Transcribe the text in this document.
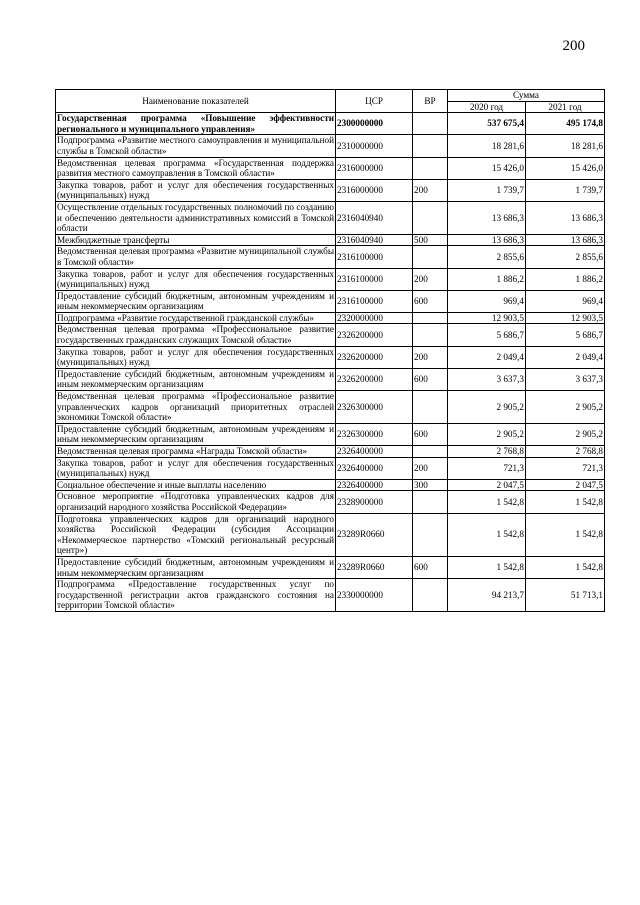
200
Наименование показателей	ЦСР	ВР	Сумма	
			2020 год	2021 год
Государственная программа «Повышение эффективности регионального и муниципального управления»	2300000000		537 675,4	495 174,8
Подпрограмма «Развитие местного самоуправления и муниципальной службы в Томской области»	2310000000		18 281,6	18 281,6
Ведомственная целевая программа «Государственная поддержка развития местного самоуправления в Томской области»	2316000000		15 426,0	15 426,0
Закупка товаров, работ и услуг для обеспечения государственных (муниципальных) нужд	2316000000	200	1 739,7	1 739,7
Осуществление отдельных государственных полномочий по созданию и обеспечению деятельности административных комиссий в Томской области	2316040940		13 686,3	13 686,3
Межбюджетные трансферты	2316040940	500	13 686,3	13 686,3
Ведомственная целевая программа «Развитие муниципальной службы в Томской области»	2316100000		2 855,6	2 855,6
Закупка товаров, работ и услуг для обеспечения государственных (муниципальных) нужд	2316100000	200	1 886,2	1 886,2
Предоставление субсидий бюджетным, автономным учреждениям и иным некоммерческим организациям	2316100000	600	969,4	969,4
Подпрограмма «Развитие государственной гражданской службы»	2320000000		12 903,5	12 903,5
Ведомственная целевая программа «Профессиональное развитие государственных гражданских служащих Томской области»	2326200000		5 686,7	5 686,7
Закупка товаров, работ и услуг для обеспечения государственных (муниципальных) нужд	2326200000	200	2 049,4	2 049,4
Предоставление субсидий бюджетным, автономным учреждениям и иным некоммерческим организациям	2326200000	600	3 637,3	3 637,3
Ведомственная целевая программа «Профессиональное развитие управленческих кадров организаций приоритетных отраслей экономики Томской области»	2326300000		2 905,2	2 905,2
Предоставление субсидий бюджетным, автономным учреждениям и иным некоммерческим организациям	2326300000	600	2 905,2	2 905,2
Ведомственная целевая программа «Награды Томской области»	2326400000		2 768,8	2 768,8
Закупка товаров, работ и услуг для обеспечения государственных (муниципальных) нужд	2326400000	200	721,3	721,3
Социальное обеспечение и иные выплаты населению	2326400000	300	2 047,5	2 047,5
Основное мероприятие «Подготовка управленческих кадров для организаций народного хозяйства Российской Федерации»	2328900000		1 542,8	1 542,8
Подготовка управленческих кадров для организаций народного хозяйства Российской Федерации (субсидия Ассоциации «Некоммерческое партнерство «Томский региональный ресурсный центр»)	23289R0660		1 542,8	1 542,8
Предоставление субсидий бюджетным, автономным учреждениям и иным некоммерческим организациям	23289R0660	600	1 542,8	1 542,8
Подпрограмма «Предоставление государственных услуг по государственной регистрации актов гражданского состояния на территории Томской области»	2330000000		94 213,7	51 713,1
